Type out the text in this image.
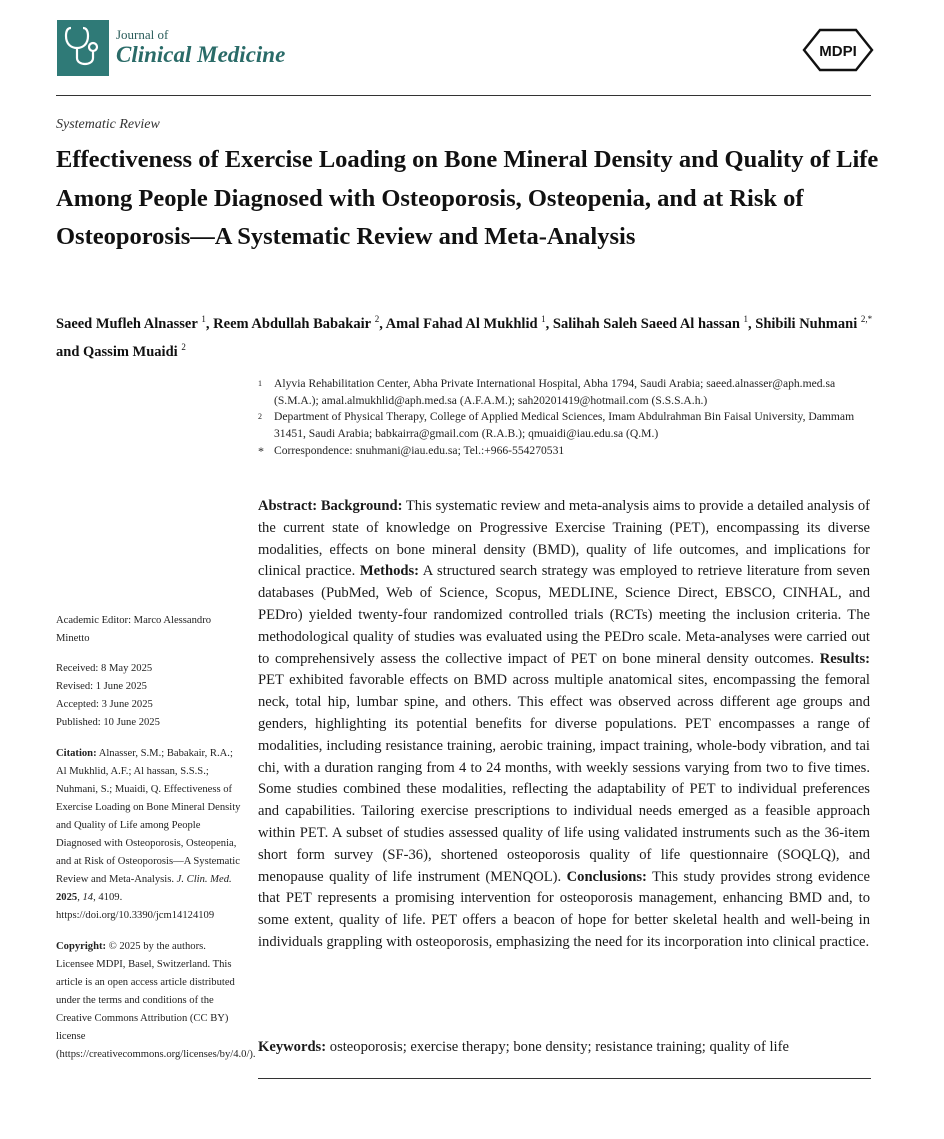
Journal of
Clinical Medicine	MDPI
Systematic Review
Effectiveness of Exercise Loading on Bone Mineral Density and Quality of Life Among People Diagnosed with Osteoporosis, Osteopenia, and at Risk of Osteoporosis—A Systematic Review and Meta-Analysis
Saeed Mufleh Alnasser $^1$, Reem Abdullah Babakair $^2$, Amal Fahad Al Mukhlid $^1$, Salihah Saleh Saeed Al hassan $^1$, Shibili Nuhmani $^{2,*}$ and Qassim Muaidi $^2$
1 Alyvia Rehabilitation Center, Abha Private International Hospital, Abha 1794, Saudi Arabia; saeed.alnasser@aph.med.sa (S.M.A.); amal.almukhlid@aph.med.sa (A.F.A.M.); sah20201419@hotmail.com (S.S.S.A.h.)
2 Department of Physical Therapy, College of Applied Medical Sciences, Imam Abdulrahman Bin Faisal University, Dammam 31451, Saudi Arabia; babkairra@gmail.com (R.A.B.); qmuaidi@iau.edu.sa (Q.M.)
* Correspondence: snuhmani@iau.edu.sa; Tel.:+966-554270531

Academic Editor: Marco Alessandro Minetto

Received: 8 May 2025

Revised: 1 June 2025

Accepted: 3 June 2025

Published: 10 June 2025

Citation: Alnasser, S.M.; Babakair, R.A.; Al Mukhlid, A.F.; Al hassan, S.S.S.; Nuhmani, S.; Muaidi, Q. Effectiveness of Exercise Loading on Bone Mineral Density and Quality of Life among People Diagnosed with Osteoporosis, Osteopenia, and at Risk of Osteoporosis—A Systematic Review and Meta-Analysis. J. Clin. Med. 2025, 14, 4109. https://doi.org/10.3390/jcm14124109

Copyright: © 2025 by the authors. Licensee MDPI, Basel, Switzerland. This article is an open access article distributed under the terms and conditions of the Creative Commons Attribution (CC BY) license (https://creativecommons.org/licenses/by/4.0/).

Abstract: Background: This systematic review and meta-analysis aims to provide a detailed analysis of the current state of knowledge on Progressive Exercise Training (PET), encompassing its diverse modalities, effects on bone mineral density (BMD), quality of life outcomes, and implications for clinical practice. Methods: A structured search strategy was employed to retrieve literature from seven databases (PubMed, Web of Science, Scopus, MEDLINE, Science Direct, EBSCO, CINHAL, and PEDro) yielded twenty-four randomized controlled trials (RCTs) meeting the inclusion criteria. The methodological quality of studies was evaluated using the PEDro scale. Meta-analyses were carried out to comprehensively assess the collective impact of PET on bone mineral density outcomes. Results: PET exhibited favorable effects on BMD across multiple anatomical sites, encompassing the femoral neck, total hip, lumbar spine, and others. This effect was observed across different age groups and genders, highlighting its potential benefits for diverse populations. PET encompasses a range of modalities, including resistance training, aerobic training, impact training, whole-body vibration, and tai chi, with a duration ranging from 4 to 24 months, with weekly sessions varying from two to five times. Some studies combined these modalities, reflecting the adaptability of PET to individual preferences and capabilities. Tailoring exercise prescriptions to individual needs emerged as a feasible approach within PET. A subset of studies assessed quality of life using validated instruments such as the 36-item short form survey (SF-36), shortened osteoporosis quality of life questionnaire (SOQLQ), and menopause quality of life instrument (MENQOL). Conclusions: This study provides strong evidence that PET represents a promising intervention for osteoporosis management, enhancing BMD and, to some extent, quality of life. PET offers a beacon of hope for better skeletal health and well-being in individuals grappling with osteoporosis, emphasizing the need for its incorporation into clinical practice.
Keywords: osteoporosis; exercise therapy; bone density; resistance training; quality of life
